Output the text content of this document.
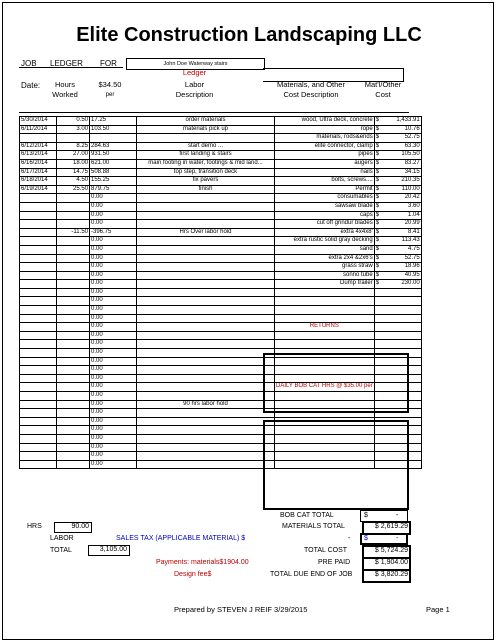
Elite Construction Landscaping LLC
JOB LEDGER FOR	John Doe Waterway stairs
Ledger
Date:	Hours
Worked
$34.50
per
Labor
Description
Materials, and Other
Cost Description
Mat'l/Other
Cost
5/30/2014	0.50	17.25	order materials	wood, Ultra deck, concrete	$	1,433.91
6/11/2014	3.00	103.50	materials pick up	rope	$	10.76
				materials, rods&ends	$	52.75
6/12/2014	8.25	284.63	start demo ...	elite connector, clamp	$	63.30
6/13/2014	27.00	931.50	first landing & stairs	pipes	$	105.50
6/16/2014	18.00	621.00	main footing in water, footings & mid land...	augers	$	83.27
6/17/2014	14.75	508.88	top step, transition deck	nails	$	34.15
6/18/2014	4.50	155.25	fix pavers	bolts, screws....	$	210.35
6/19/2014	25.50	879.75	finish	Permit	$	110.00
		0.00		consumables	$	20.42
		0.00		sawsaw blade	$	3.60
		0.00		caps	$	1.04
		0.00		cut off grindur blades	$	20.99
	-11.50	-396.75	Hrs Over labor hold	extra 4x4x8'	$	8.41
		0.00		extra rustic solid gray decking	$	113.43
		0.00		sand	$	4.75
		0.00		extra 2x4 &2x6's	$	52.75
		0.00		grass straw	$	18.96
		0.00		sonno tube	$	40.95
		0.00		Dump trailer	$	230.00
		0.00				
		0.00				
		0.00				
		0.00				
		0.00		RETURNS		
		0.00				
		0.00				
		0.00				
		0.00				
		0.00				
		0.00				
		0.00		DAILY BOB CAT HRS @ $35.00 per		
		0.00				
		0.00	90 hrs labor hold			
		0.00				
		0.00				
		0.00				
		0.00				
		0.00				
		0.00				
		0.00				
BOB CAT TOTAL	$	-
HRS	90.00	MATERIALS TOTAL	$ 2,619.29
LABOR	SALES TAX (APPLICABLE MATERIAL) $	- $	-
TOTAL	3,105.00	TOTAL COST	$ 5,724.29
Payments: materials$1904.00	PRE PAID	$ 1,904.00
Design fee$	TOTAL DUE END OF JOB	$ 3,820.29
Prepared by STEVEN J REIF 3/29/2015	Page 1
